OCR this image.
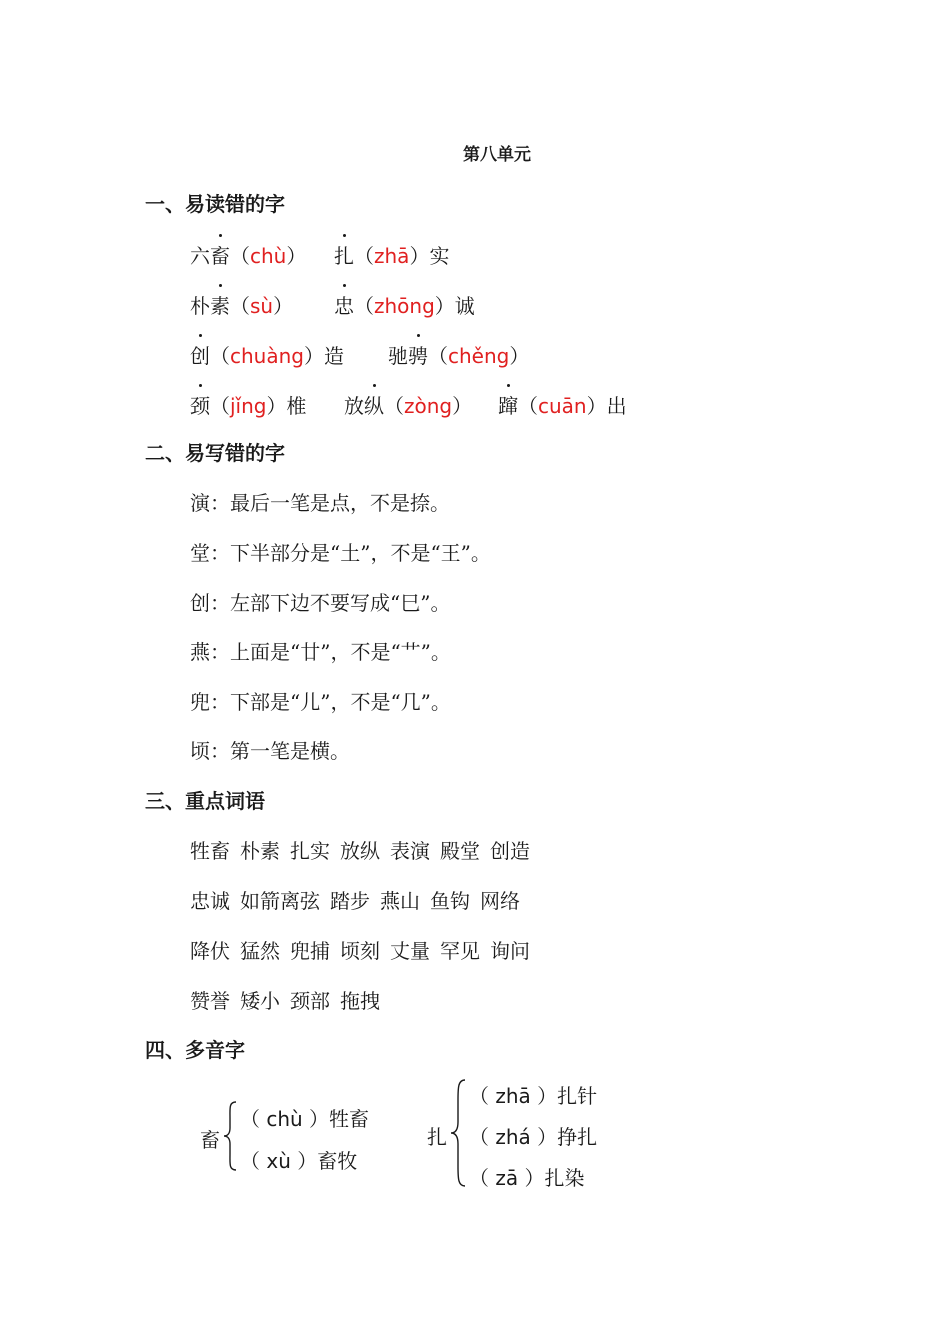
第八单元
一、易读错的字
六畜（chù） 扎（zhā）实
朴素（sù） 忠（zhōng）诚
创（chuàng）造 驰骋（chěng）
颈（jǐng）椎 放纵（zòng） 蹿（cuān）出
二、易写错的字
演：最后一笔是点，不是捺。
堂：下半部分是“土”，不是“王”。
创：左部下边不要写成“巳”。
燕：上面是“廿”，不是“艹”。
兜：下部是“儿”，不是“几”。
顷：第一笔是横。
三、重点词语
牲畜 朴素 扎实 放纵 表演 殿堂 创造
忠诚 如箭离弦 踏步 燕山 鱼钩 网络
降伏 猛然 兜捕 顷刻 丈量 罕见 询问
赞誉 矮小 颈部 拖拽
四、多音字
畜
（ chù ）牲畜
（ xù ）畜牧
扎
（ zhā ）扎针
（ zhá ）挣扎
（ zā ）扎染
